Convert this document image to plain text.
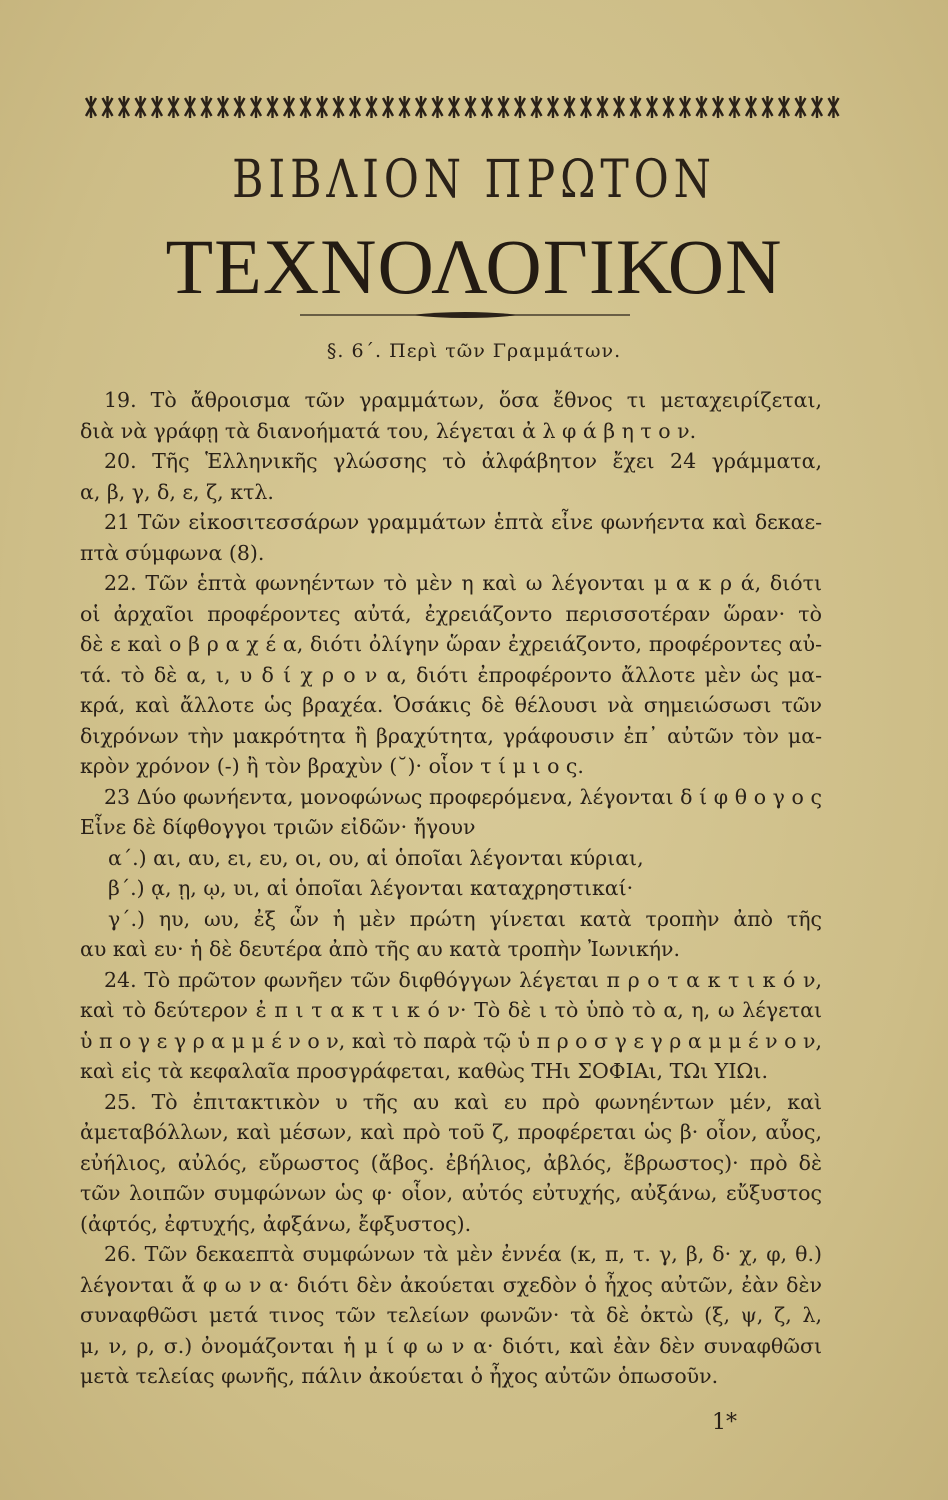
ΒΙΒΛΙΟΝ ΠΡΩΤΟΝ
ΤΕΧΝΟΛΟΓΙΚΟΝ
§. 6΄. Περὶ τῶν Γραμμάτων.
19. Τὸ ἄθροισμα τῶν γραμμάτων, ὅσα ἔθνος τι μεταχειρίζεται,
διὰ νὰ γράφῃ τὰ διανοήματά του, λέγεται ἀ λ φ ά β η τ ο ν.
20. Τῆς Ἑλληνικῆς γλώσσης τὸ ἀλφάβητον ἔχει 24 γράμματα,
α, β, γ, δ, ε, ζ, κτλ.
21 Τῶν εἰκοσιτεσσάρων γραμμάτων ἑπτὰ εἶνε φωνήεντα καὶ δεκαε-
πτὰ σύμφωνα (8).
22. Τῶν ἑπτὰ φωνηέντων τὸ μὲν η καὶ ω λέγονται μ α κ ρ ά, διότι
οἱ ἀρχαῖοι προφέροντες αὐτά, ἐχρειάζοντο περισσοτέραν ὥραν· τὸ
δὲ ε καὶ ο β ρ α χ έ α, διότι ὀλίγην ὥραν ἐχρειάζοντο, προφέροντες αὐ-
τά. τὸ δὲ α, ι, υ δ ί χ ρ ο ν α, διότι ἐπροφέροντο ἄλλοτε μὲν ὡς μα-
κρά, καὶ ἄλλοτε ὡς βραχέα. Ὁσάκις δὲ θέλουσι νὰ σημειώσωσι τῶν
διχρόνων τὴν μακρότητα ἢ βραχύτητα, γράφουσιν ἐπ᾽ αὐτῶν τὸν μα-
κρὸν χρόνον (-) ἢ τὸν βραχὺν (˘)· οἷον τ ί μ ι ο ς.
23 Δύο φωνήεντα, μονοφώνως προφερόμενα, λέγονται δ ί φ θ ο γ ο ς
Εἶνε δὲ δίφθογγοι τριῶν εἰδῶν· ἤγουν
α΄.) αι, αυ, ει, ευ, οι, ου, αἱ ὁποῖαι λέγονται κύριαι,
β΄.) ᾳ, ῃ, ῳ, υι, αἱ ὁποῖαι λέγονται καταχρηστικαί·
γ΄.) ηυ, ωυ, ἐξ ὧν ἡ μὲν πρώτη γίνεται κατὰ τροπὴν ἀπὸ τῆς
αυ καὶ ευ· ἡ δὲ δευτέρα ἀπὸ τῆς αυ κατὰ τροπὴν Ἰωνικήν.
24. Τὸ πρῶτον φωνῆεν τῶν διφθόγγων λέγεται π ρ ο τ α κ τ ι κ ό ν,
καὶ τὸ δεύτερον ἐ π ι τ α κ τ ι κ ό ν· Τὸ δὲ ι τὸ ὑπὸ τὸ α, η, ω λέγεται
ὑ π ο γ ε γ ρ α μ μ έ ν ο ν, καὶ τὸ παρὰ τῷ ὑ π ρ ο σ γ ε γ ρ α μ μ έ ν ο ν,
καὶ εἰς τὰ κεφαλαῖα προσγράφεται, καθὼς ΤΗι ΣΟΦΙΑι, ΤΩι ΥΙΩι.
25. Τὸ ἐπιτακτικὸν υ τῆς αυ καὶ ευ πρὸ φωνηέντων μέν, καὶ
ἀμεταβόλλων, καὶ μέσων, καὶ πρὸ τοῦ ζ, προφέρεται ὡς β· οἷον, αὖος,
εὐήλιος, αὐλός, εὔρωστος (ἄβος. ἐβήλιος, ἀβλός, ἔβρωστος)· πρὸ δὲ
τῶν λοιπῶν συμφώνων ὡς φ· οἷον, αὐτός εὐτυχής, αὐξάνω, εὔξυστος
(ἀφτός, ἐφτυχής, ἀφξάνω, ἔφξυστος).
26. Τῶν δεκαεπτὰ συμφώνων τὰ μὲν ἐννέα (κ, π, τ. γ, β, δ· χ, φ, θ.)
λέγονται ἄ φ ω ν α· διότι δὲν ἀκούεται σχεδὸν ὁ ἦχος αὐτῶν, ἐὰν δὲν
συναφθῶσι μετά τινος τῶν τελείων φωνῶν· τὰ δὲ ὀκτὼ (ξ, ψ, ζ, λ,
μ, ν, ρ, σ.) ὀνομάζονται ἡ μ ί φ ω ν α· διότι, καὶ ἐὰν δὲν συναφθῶσι
μετὰ τελείας φωνῆς, πάλιν ἀκούεται ὁ ἦχος αὐτῶν ὁπωσοῦν.
1*
